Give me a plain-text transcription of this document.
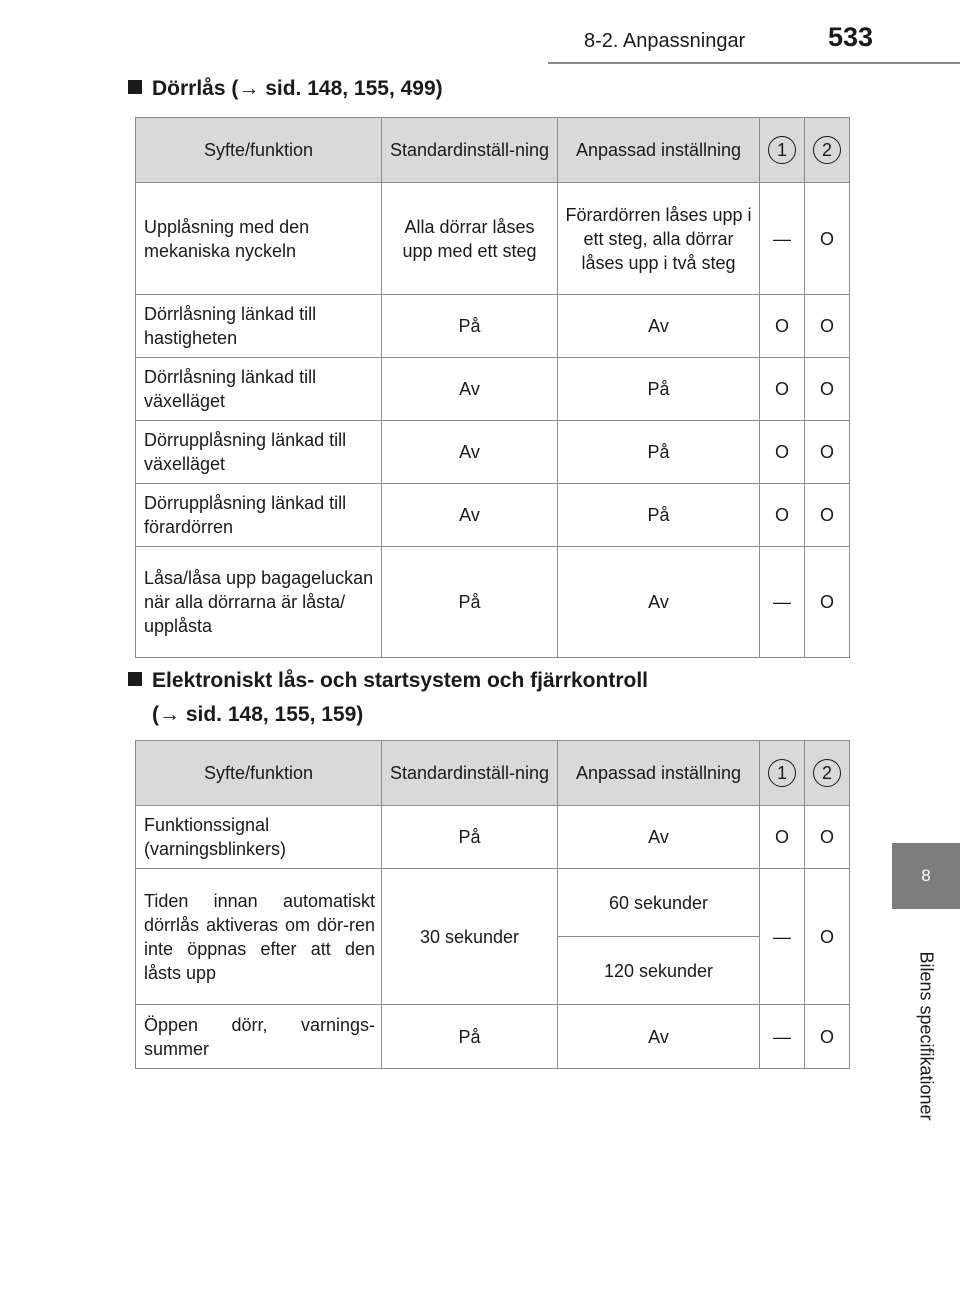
8-2. Anpassningar	533
8
Bilens specifikationer
Dörrlås (→ sid. 148, 155, 499)
Syfte/funktion	Standardinställ-ning	Anpassad inställning	1	2
Upplåsning med den mekaniska nyckeln	Alla dörrar låses upp med ett steg	Förardörren låses upp i ett steg, alla dörrar låses upp i två steg	—	O
Dörrlåsning länkad till hastigheten	På	Av	O	O
Dörrlåsning länkad till växelläget	Av	På	O	O
Dörrupplåsning länkad till växelläget	Av	På	O	O
Dörrupplåsning länkad till förardörren	Av	På	O	O
Låsa/låsa upp bagageluckan när alla dörrarna är låsta/ upplåsta	På	Av	—	O
Elektroniskt lås- och startsystem och fjärrkontroll
(→ sid. 148, 155, 159)
Syfte/funktion	Standardinställ-ning	Anpassad inställning	1	2
Funktionssignal (varningsblinkers)	På	Av	O	O
Tiden innan automatiskt dörrlås aktiveras om dör-ren inte öppnas efter att den låsts upp	30 sekunder	60 sekunder	—	O
		120 sekunder		
Öppen dörr, varnings-summer	På	Av	—	O
